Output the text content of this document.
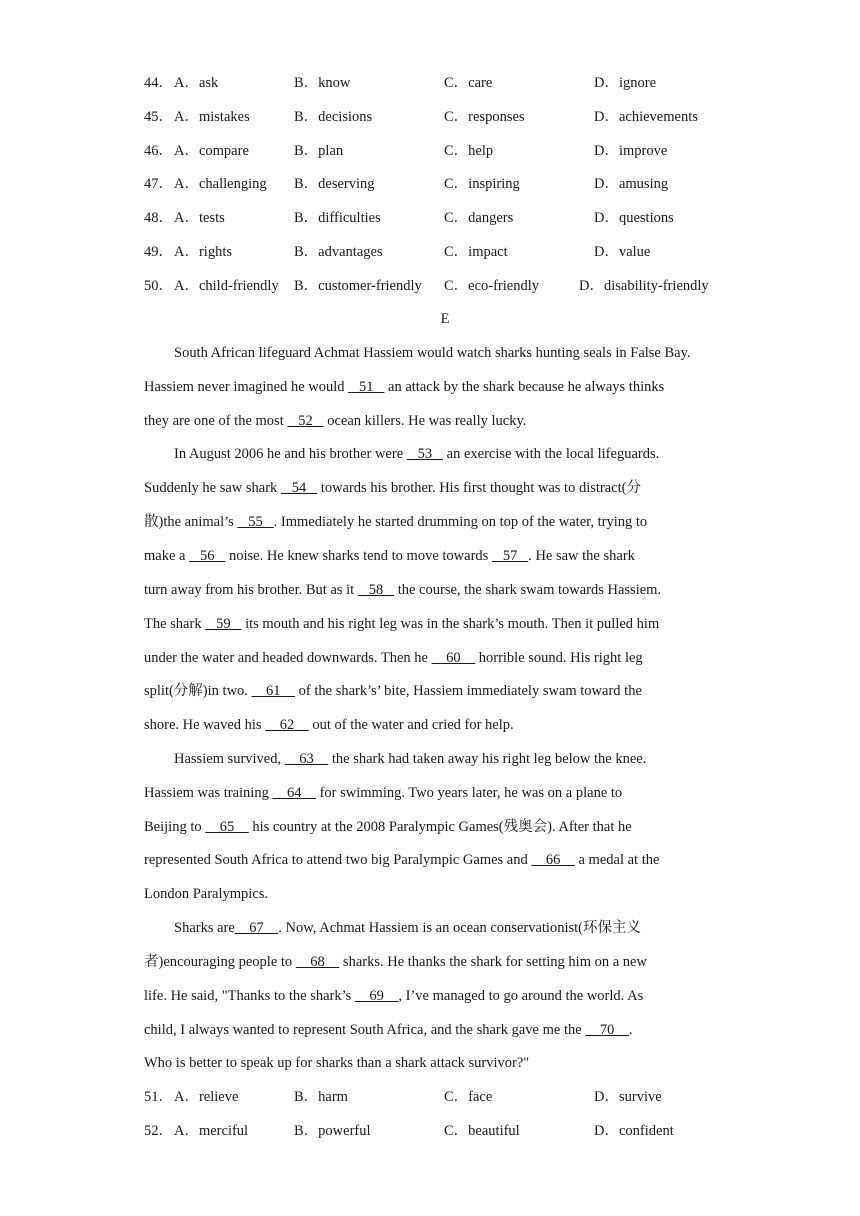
44． A．ask	B．know	C．care	D．ignore
45． A．mistakes	B．decisions	C．responses	D．achievements
46． A．compare	B．plan	C．help	D．improve
47． A．challenging B．deserving	C．inspiring	D．amusing
48． A．tests	B．difficulties	C．dangers	D．questions
49． A．rights	B．advantages	C．impact	D．value
50． A．child-friendly B．customer-friendly C．eco-friendly	D．disability-friendly
E
South African lifeguard Achmat Hassiem would watch sharks hunting seals in False Bay.
Hassiem never imagined he would    51    an attack by the shark because he always thinks
they are one of the most    52    ocean killers. He was really lucky.
In August 2006 he and his brother were    53    an exercise with the local lifeguards.
Suddenly he saw shark    54    towards his brother. His first thought was to distract(分
散)the animal’s    55   . Immediately he started drumming on top of the water, trying to
make a    56    noise. He knew sharks tend to move towards    57   . He saw the shark
turn away from his brother. But as it    58    the course, the shark swam towards Hassiem.
The shark    59    its mouth and his right leg was in the shark’s mouth. Then it pulled him
under the water and headed downwards. Then he     60     horrible sound. His right leg
split(分解)in two.     61     of the shark’s’ bite, Hassiem immediately swam toward the
shore. He waved his     62     out of the water and cried for help.
Hassiem survived,     63     the shark had taken away his right leg below the knee.
Hassiem was training     64     for swimming. Two years later, he was on a plane to
Beijing to     65     his country at the 2008 Paralympic Games(残奥会). After that he
represented South Africa to attend two big Paralympic Games and     66     a medal at the
London Paralympics.
Sharks are    67    . Now, Achmat Hassiem is an ocean conservationist(环保主义
者)encouraging people to     68     sharks. He thanks the shark for setting him on a new
life. He said, "Thanks to the shark’s     69    , I’ve managed to go around the world. As
child, I always wanted to represent South Africa, and the shark gave me the     70    .
Who is better to speak up for sharks than a shark attack survivor?"
51． A．relieve	B．harm	C．face	D．survive
52． A．merciful	B．powerful	C．beautiful	D．confident
